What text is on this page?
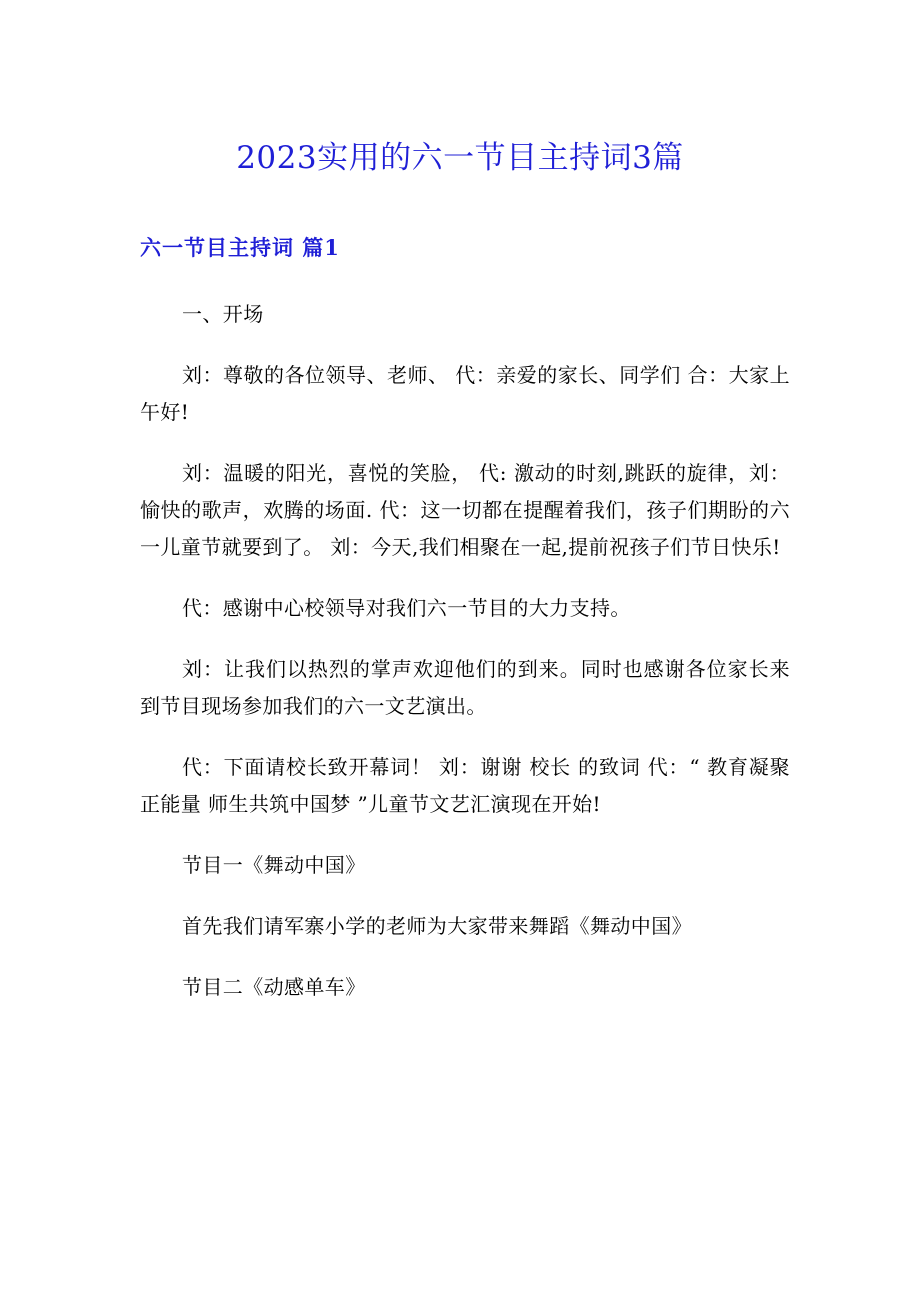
2023实用的六一节目主持词3篇
六一节目主持词 篇1

一、开场

刘：尊敬的各位领导、老师、 代：亲爱的家长、同学们 合：大家上午好!

刘：温暖的阳光，喜悦的笑脸， 代: 激动的时刻,跳跃的旋律，刘：愉快的歌声，欢腾的场面. 代：这一切都在提醒着我们，孩子们期盼的六一儿童节就要到了。 刘：今天,我们相聚在一起,提前祝孩子们节日快乐!

代：感谢中心校领导对我们六一节目的大力支持。

刘：让我们以热烈的掌声欢迎他们的到来。同时也感谢各位家长来到节目现场参加我们的六一文艺演出。

代：下面请校长致开幕词！ 刘：谢谢 校长 的致词 代：“ 教育凝聚正能量 师生共筑中国梦 ”儿童节文艺汇演现在开始!

节目一《舞动中国》

首先我们请军寨小学的老师为大家带来舞蹈《舞动中国》

节目二《动感单车》
